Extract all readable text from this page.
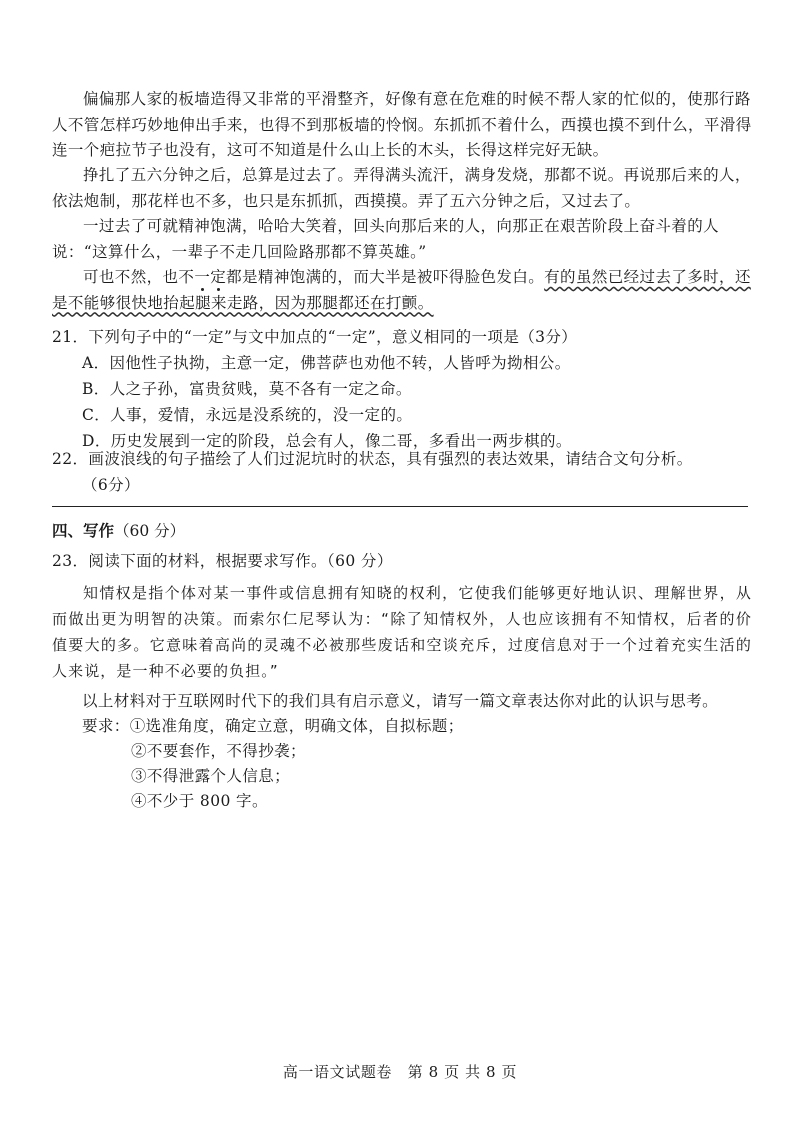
偏偏那人家的板墙造得又非常的平滑整齐，好像有意在危难的时候不帮人家的忙似的，使那行路人不管怎样巧妙地伸出手来，也得不到那板墙的怜悯。东抓抓不着什么，西摸也摸不到什么，平滑得连一个疤拉节子也没有，这可不知道是什么山上长的木头，长得这样完好无缺。
挣扎了五六分钟之后，总算是过去了。弄得满头流汗，满身发烧，那都不说。再说那后来的人，依法炮制，那花样也不多，也只是东抓抓，西摸摸。弄了五六分钟之后，又过去了。
一过去了可就精神饱满，哈哈大笑着，回头向那后来的人，向那正在艰苦阶段上奋斗着的人说：“这算什么，一辈子不走几回险路那都不算英雄。”
可也不然，也不一定都是精神饱满的，而大半是被吓得脸色发白。有的虽然已经过去了多时，还是不能够很快地抬起腿来走路，因为那腿都还在打颤。
21．下列句子中的“一定”与文中加点的“一定”，意义相同的一项是（3分）
A．因他性子执拗，主意一定，佛菩萨也劝他不转，人皆呼为拗相公。
B．人之子孙，富贵贫贱，莫不各有一定之命。
C．人事，爱情，永远是没系统的，没一定的。
D．历史发展到一定的阶段，总会有人，像二哥，多看出一两步棋的。
22．画波浪线的句子描绘了人们过泥坑时的状态，具有强烈的表达效果，请结合文句分析。
（6分）
四、写作（60 分）
23．阅读下面的材料，根据要求写作。（60 分）
知情权是指个体对某一事件或信息拥有知晓的权利，它使我们能够更好地认识、理解世界，从而做出更为明智的决策。而索尔仁尼琴认为：“除了知情权外，人也应该拥有不知情权，后者的价值要大的多。它意味着高尚的灵魂不必被那些废话和空谈充斥，过度信息对于一个过着充实生活的人来说，是一种不必要的负担。”
以上材料对于互联网时代下的我们具有启示意义，请写一篇文章表达你对此的认识与思考。
要求：①选准角度，确定立意，明确文体，自拟标题；
②不要套作，不得抄袭；
③不得泄露个人信息；
④不少于 800 字。
高一语文试题卷　第 8 页 共 8 页
